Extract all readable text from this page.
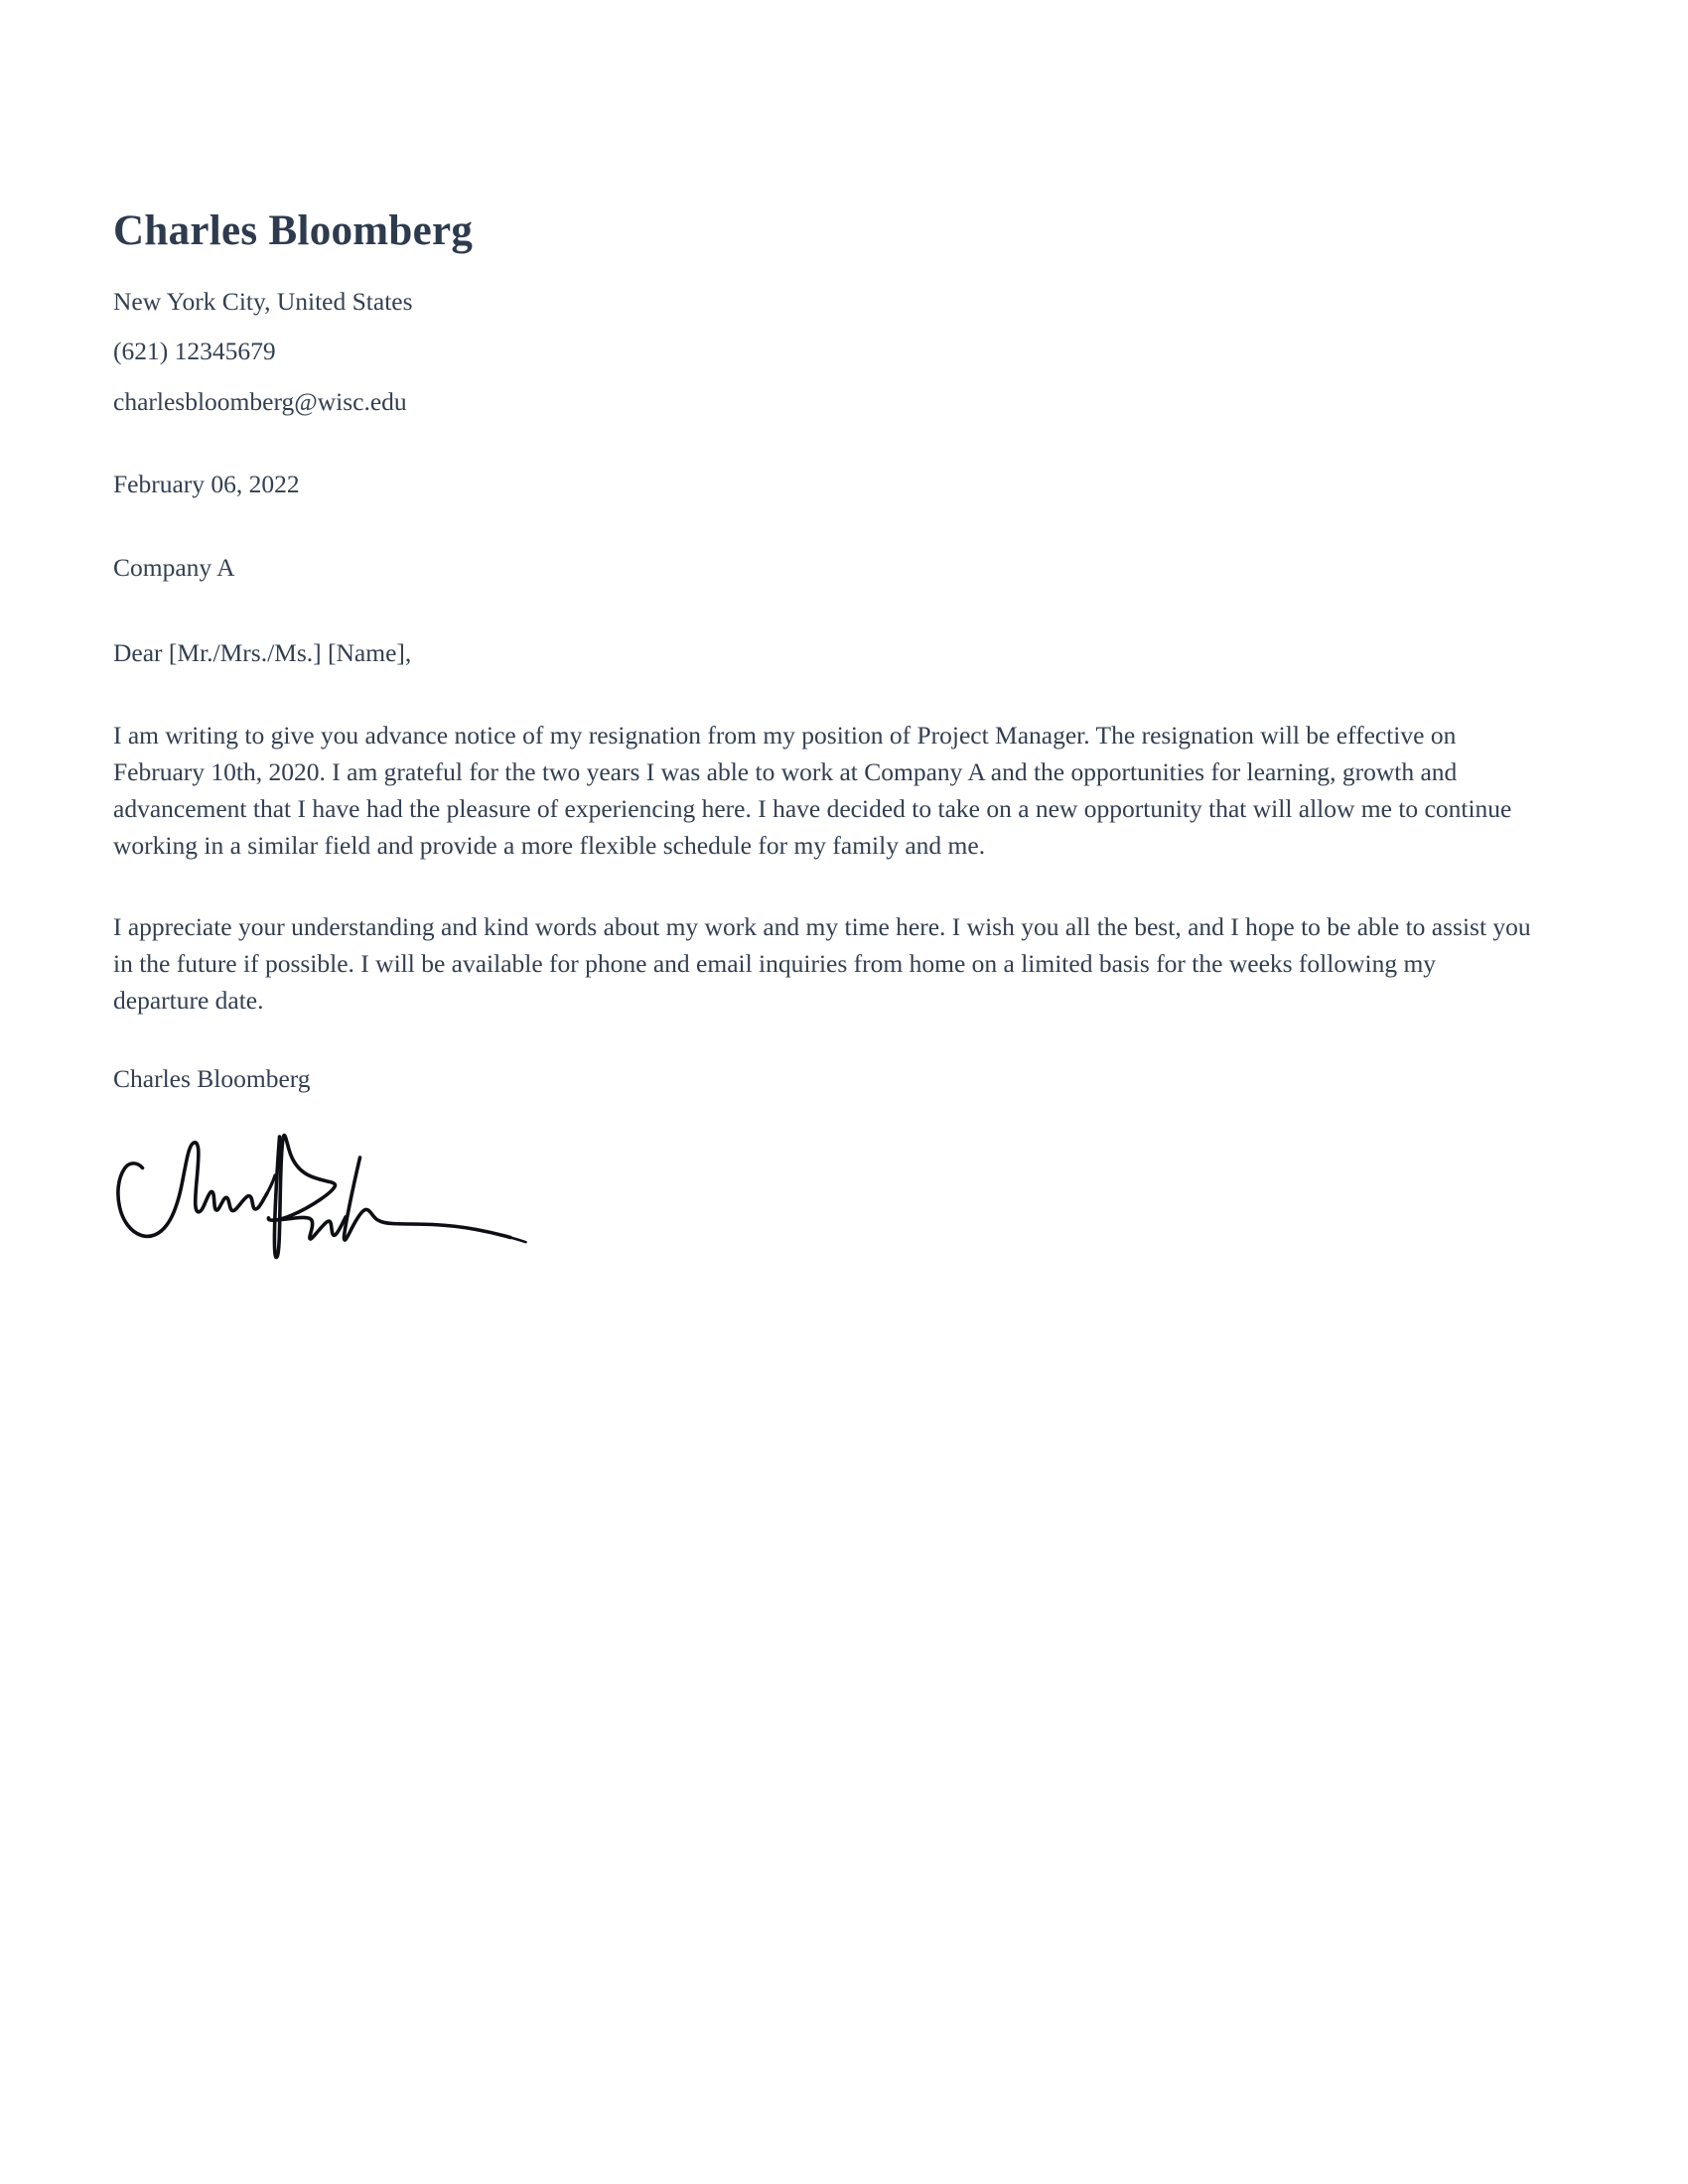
Charles Bloomberg

New York City, United States

(621) 12345679

charlesbloomberg@wisc.edu

February 06, 2022

Company A

Dear [Mr./Mrs./Ms.] [Name],

I am writing to give you advance notice of my resignation from my position of Project Manager. The resignation will be effective on February 10th, 2020. I am grateful for the two years I was able to work at Company A and the opportunities for learning, growth and advancement that I have had the pleasure of experiencing here. I have decided to take on a new opportunity that will allow me to continue working in a similar field and provide a more flexible schedule for my family and me.

I appreciate your understanding and kind words about my work and my time here. I wish you all the best, and I hope to be able to assist you in the future if possible. I will be available for phone and email inquiries from home on a limited basis for the weeks following my departure date.

Charles Bloomberg
